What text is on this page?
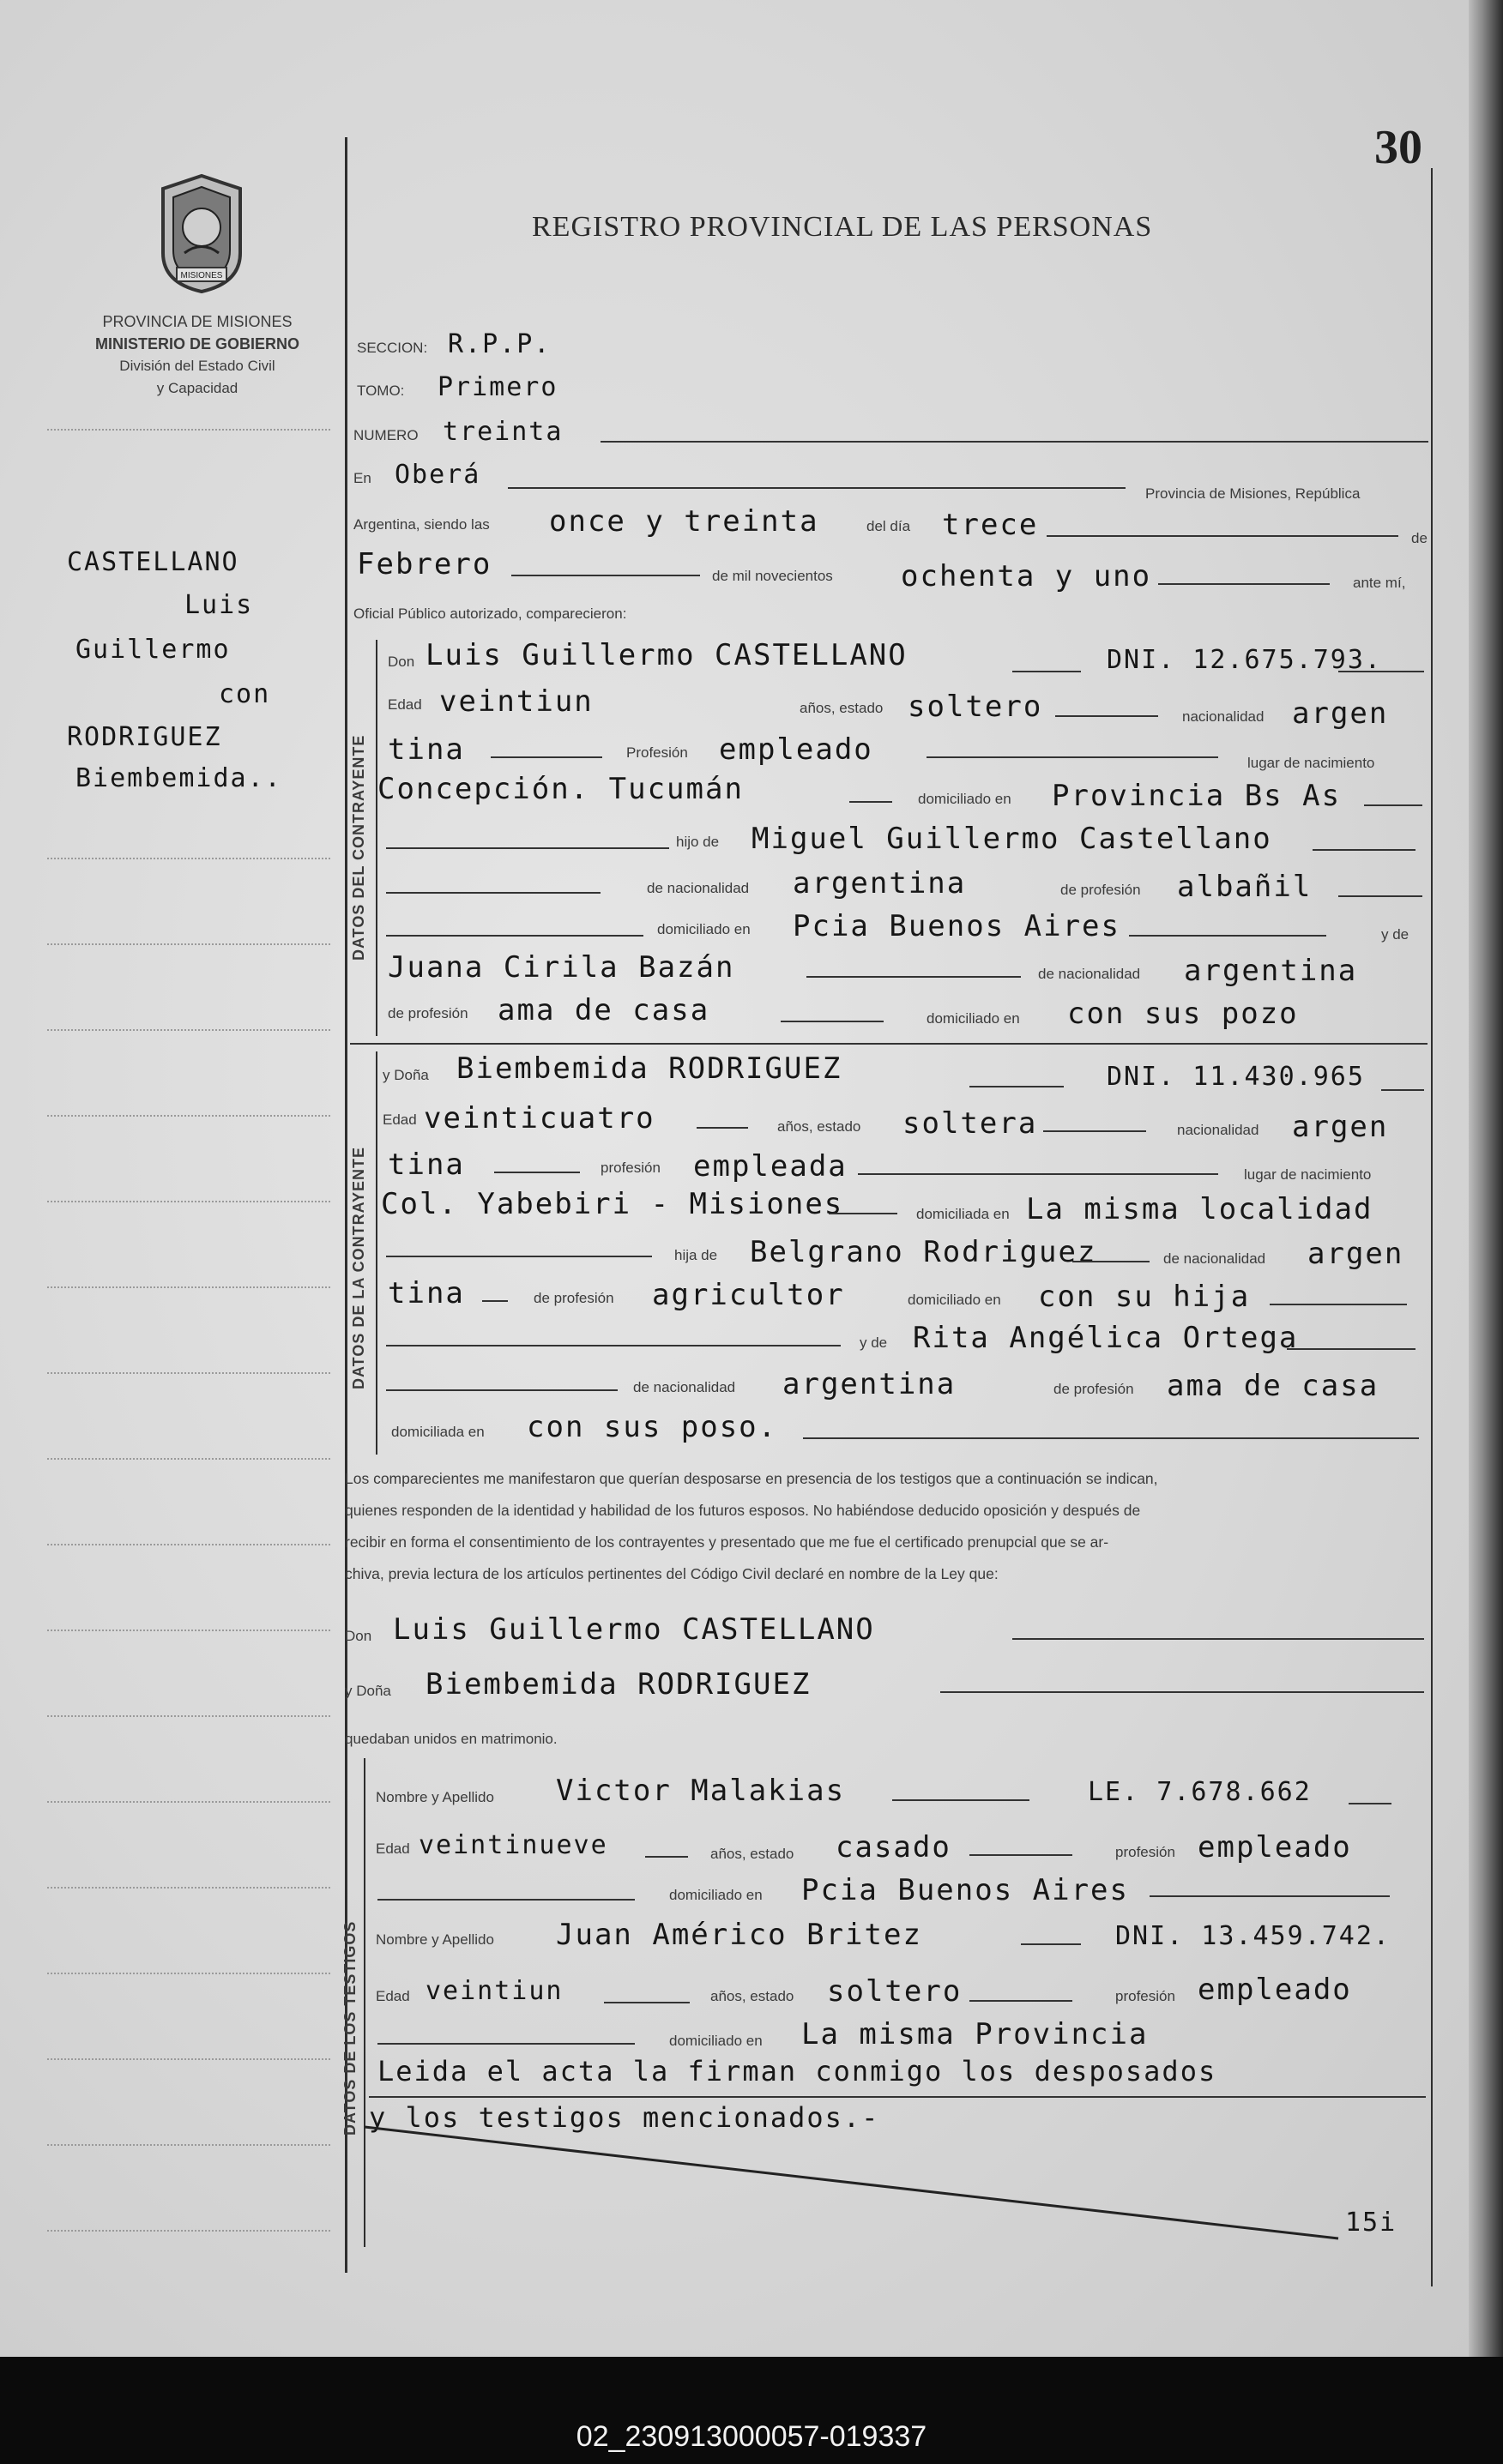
30
MISIONES
PROVINCIA DE MISIONES
MINISTERIO DE GOBIERNO
División del Estado Civil
y Capacidad
REGISTRO PROVINCIAL DE LAS PERSONAS
CASTELLANO
Luis
Guillermo
con
RODRIGUEZ
Biembemida..
SECCION: R.P.P.
TOMO: Primero
NUMERO treinta
En Oberá
Provincia de Misiones, República
Argentina, siendo las once y treinta	del día trece	de
Febrero	de mil novecientos ochenta y uno	ante mí,
Oficial Público autorizado, comparecieron:
DATOS DEL CONTRAYENTE
Don Luis Guillermo CASTELLANO	DNI. 12.675.793.
Edad veintiun	años, estado soltero	nacionalidad argen
tina	Profesión empleado	lugar de nacimiento
Concepción. Tucumán	domiciliado en Provincia Bs As
hijo de Miguel Guillermo Castellano
de nacionalidad argentina	de profesión albañil
domiciliado en Pcia Buenos Aires	y de
Juana Cirila Bazán	de nacionalidad argentina
de profesión ama de casa	domiciliado en con sus pozo
DATOS DE LA CONTRAYENTE
y Doña Biembemida RODRIGUEZ	DNI. 11.430.965
Edad veinticuatro	años, estado soltera	nacionalidad argen
tina	profesión empleada	lugar de nacimiento
Col. Yabebiri - Misiones	domiciliada en La misma localidad
hija de Belgrano Rodriguez	de nacionalidad argen
tina	de profesión agricultor	domiciliado en con su hija
y de Rita Angélica Ortega
de nacionalidad argentina	de profesión ama de casa
domiciliada en con sus poso.
Los comparecientes me manifestaron que querían desposarse en presencia de los testigos que a continuación se indican,
quienes responden de la identidad y habilidad de los futuros esposos. No habiéndose deducido oposición y después de
recibir en forma el consentimiento de los contrayentes y presentado que me fue el certificado prenupcial que se ar-
chiva, previa lectura de los artículos pertinentes del Código Civil declaré en nombre de la Ley que:
Don Luis Guillermo CASTELLANO
y Doña Biembemida RODRIGUEZ
quedaban unidos en matrimonio.
DATOS DE LOS TESTIGOS
Nombre y Apellido Victor Malakias	LE. 7.678.662
Edad veintinueve	años, estado casado	profesión empleado
domiciliado en Pcia Buenos Aires
Nombre y Apellido Juan Américo Britez	DNI. 13.459.742.
Edad veintiun	años, estado soltero	profesión empleado
domiciliado en La misma Provincia
Leida el acta la firman conmigo los desposados
y los testigos mencionados.-
15i
02_230913000057-019337
